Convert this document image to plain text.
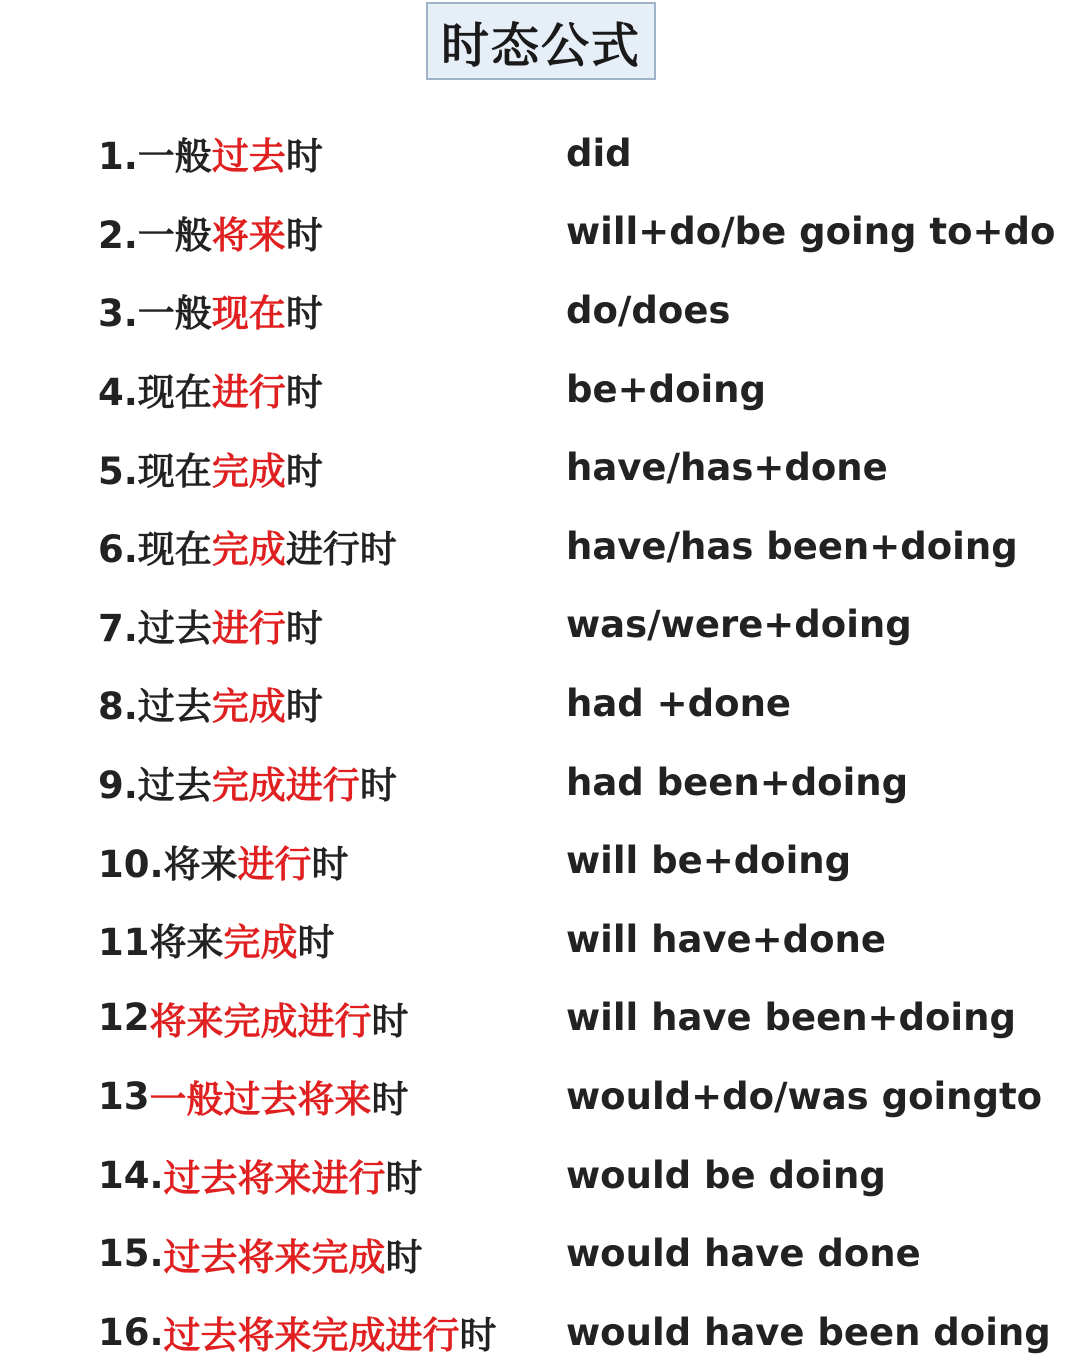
时态公式
1.一般 过去 时	did
2.一般 将来 时	will+do/be going to+do
3.一般 现在 时	do/does
4.现在 进行 时	be+doing
5.现在 完成 时	have/has+done
6.现在 完成 进行时	have/has been+doing
7.过去 进行 时	was/were+doing
8.过去 完成 时	had +done
9.过去 完成进行 时	had been+doing
10.将来 进行 时	will be+doing
11将来 完成 时	will have+done
12 将来完成进行 时	will have been+doing
13 一般过去将来 时	would+do/was goingto
14. 过去将来进行 时	would be doing
15. 过去将来完成 时	would have done
16. 过去将来完成进行 时 would have been doing
